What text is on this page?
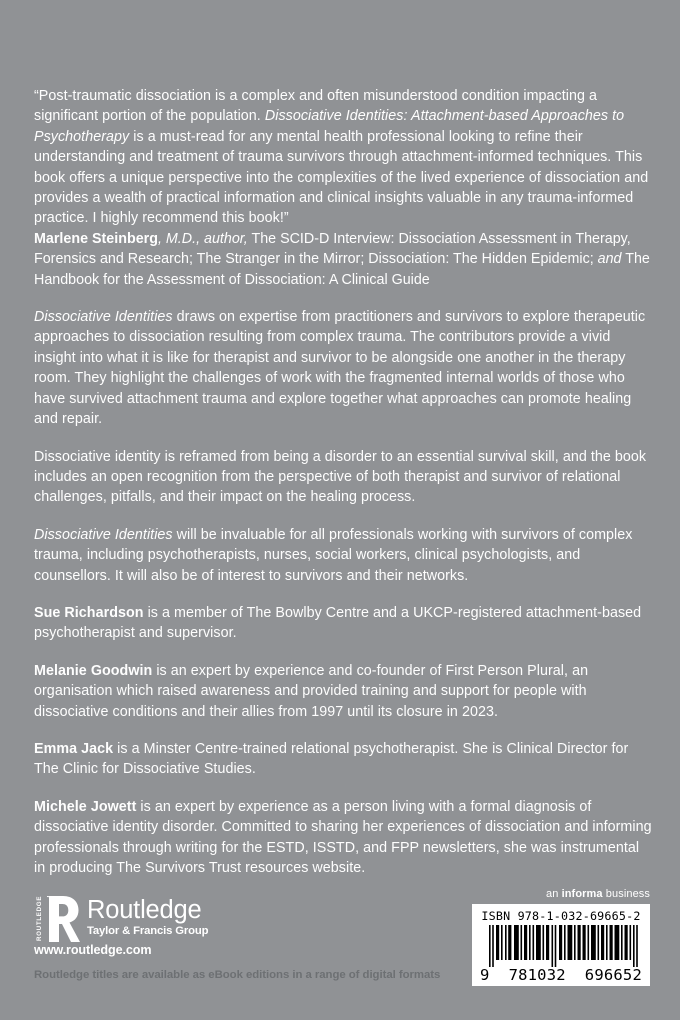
“Post-traumatic dissociation is a complex and often misunderstood condition impacting a significant portion of the population. Dissociative Identities: Attachment-based Approaches to Psychotherapy is a must-read for any mental health professional looking to refine their understanding and treatment of trauma survivors through attachment-informed techniques. This book offers a unique perspective into the complexities of the lived experience of dissociation and provides a wealth of practical information and clinical insights valuable in any trauma-informed practice. I highly recommend this book!”

Marlene Steinberg, M.D., author, The SCID-D Interview: Dissociation Assessment in Therapy, Forensics and Research; The Stranger in the Mirror; Dissociation: The Hidden Epidemic; and The Handbook for the Assessment of Dissociation: A Clinical Guide

Dissociative Identities draws on expertise from practitioners and survivors to explore therapeutic approaches to dissociation resulting from complex trauma. The contributors provide a vivid insight into what it is like for therapist and survivor to be alongside one another in the therapy room. They highlight the challenges of work with the fragmented internal worlds of those who have survived attachment trauma and explore together what approaches can promote healing and repair.

Dissociative identity is reframed from being a disorder to an essential survival skill, and the book includes an open recognition from the perspective of both therapist and survivor of relational challenges, pitfalls, and their impact on the healing process.

Dissociative Identities will be invaluable for all professionals working with survivors of complex trauma, including psychotherapists, nurses, social workers, clinical psychologists, and counsellors. It will also be of interest to survivors and their networks.

Sue Richardson is a member of The Bowlby Centre and a UKCP-registered attachment-based psychotherapist and supervisor.

Melanie Goodwin is an expert by experience and co-founder of First Person Plural, an organisation which raised awareness and provided training and support for people with dissociative conditions and their allies from 1997 until its closure in 2023.

Emma Jack is a Minster Centre-trained relational psychotherapist. She is Clinical Director for The Clinic for Dissociative Studies.

Michele Jowett is an expert by experience as a person living with a formal diagnosis of dissociative identity disorder. Committed to sharing her experiences of dissociation and informing professionals through writing for the ESTD, ISSTD, and FPP newsletters, she was instrumental in producing The Survivors Trust resources website.

ROUTLEDGE Routledge
Taylor & Francis Group
www.routledge.com
Routledge titles are available as eBook editions in a range of digital formats
an informa business
ISBN 978-1-032-69665-2
9 781032 696652
